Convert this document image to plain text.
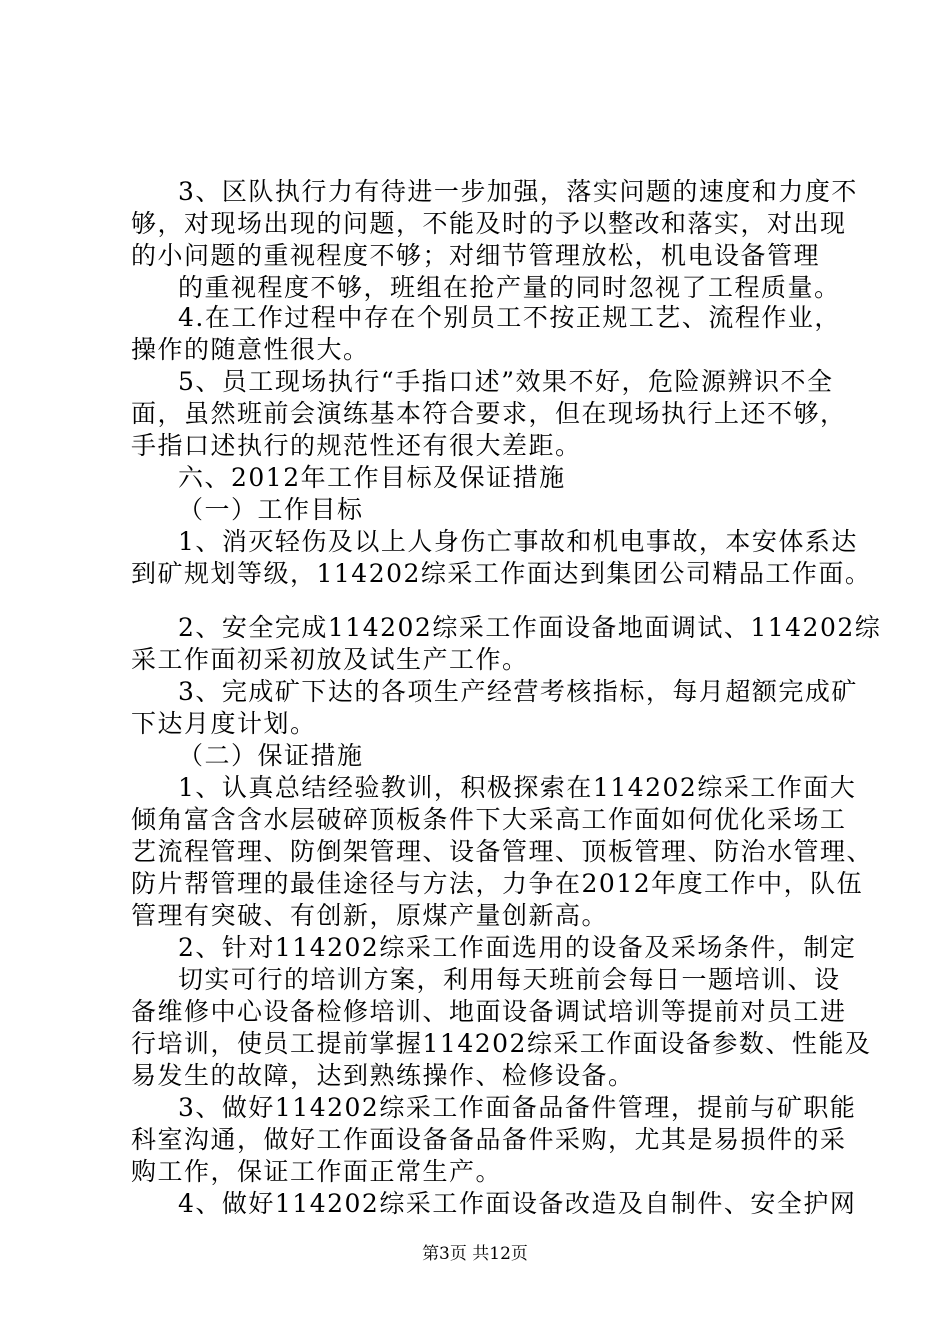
3、区队执行力有待进一步加强，落实问题的速度和力度不
够，对现场出现的问题，不能及时的予以整改和落实，对出现
的小问题的重视程度不够；对细节管理放松，机电设备管理
的重视程度不够，班组在抢产量的同时忽视了工程质量。
4.在工作过程中存在个别员工不按正规工艺、流程作业，
操作的随意性很大。
5、员工现场执行“手指口述”效果不好，危险源辨识不全
面，虽然班前会演练基本符合要求，但在现场执行上还不够，
手指口述执行的规范性还有很大差距。
六、2012年工作目标及保证措施
（一）工作目标
1、消灭轻伤及以上人身伤亡事故和机电事故，本安体系达
到矿规划等级，114202综采工作面达到集团公司精品工作面。
2、安全完成114202综采工作面设备地面调试、114202综
采工作面初采初放及试生产工作。
3、完成矿下达的各项生产经营考核指标，每月超额完成矿
下达月度计划。
（二）保证措施
1、认真总结经验教训，积极探索在114202综采工作面大
倾角富含含水层破碎顶板条件下大采高工作面如何优化采场工
艺流程管理、防倒架管理、设备管理、顶板管理、防治水管理、
防片帮管理的最佳途径与方法，力争在2012年度工作中，队伍
管理有突破、有创新，原煤产量创新高。
2、针对114202综采工作面选用的设备及采场条件，制定
切实可行的培训方案，利用每天班前会每日一题培训、设
备维修中心设备检修培训、地面设备调试培训等提前对员工进
行培训，使员工提前掌握114202综采工作面设备参数、性能及
易发生的故障，达到熟练操作、检修设备。
3、做好114202综采工作面备品备件管理，提前与矿职能
科室沟通，做好工作面设备备品备件采购，尤其是易损件的采
购工作，保证工作面正常生产。
4、做好114202综采工作面设备改造及自制件、安全护网
第3页 共12页
